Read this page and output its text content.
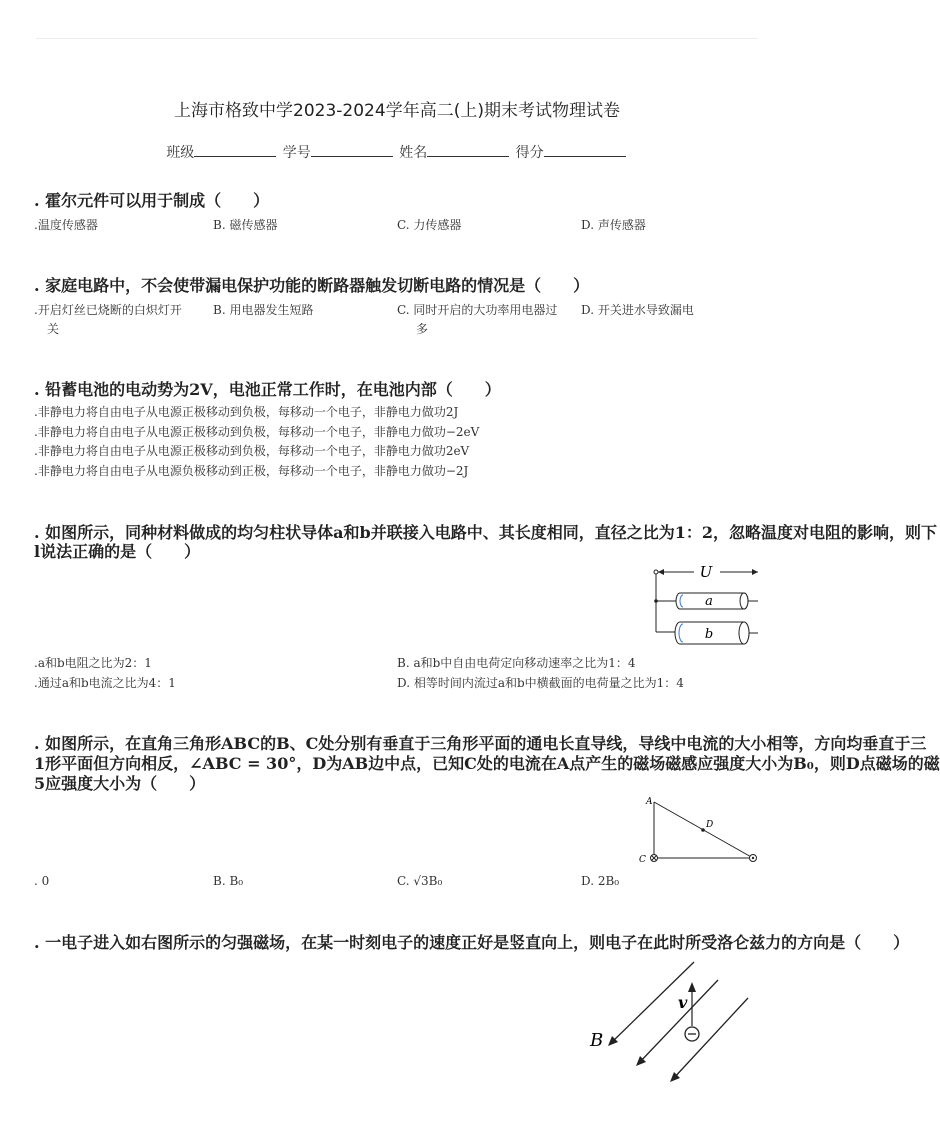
上海市格致中学2023-2024学年高二(上)期末考试物理试卷
班级	学号	姓名	得分
. 霍尔元件可以用于制成（　　）
.温度传感器	B. 磁传感器	C. 力传感器	D. 声传感器
. 家庭电路中，不会使带漏电保护功能的断路器触发切断电路的情况是（　　）
.开启灯丝已烧断的白炽灯开
关
B. 用电器发生短路	C. 同时开启的大功率用电器过
多
D. 开关进水导致漏电
. 铅蓄电池的电动势为2V，电池正常工作时，在电池内部（　　）
.非静电力将自由电子从电源正极移动到负极，每移动一个电子，非静电力做功2J
.非静电力将自由电子从电源正极移动到负极，每移动一个电子，非静电力做功−2eV
.非静电力将自由电子从电源正极移动到负极，每移动一个电子，非静电力做功2eV
.非静电力将自由电子从电源负极移动到正极，每移动一个电子，非静电力做功−2J
. 如图所示，同种材料做成的均匀柱状导体a和b并联接入电路中、其长度相同，直径之比为1：2，忽略温度对电阻的影响，则下
l说法正确的是（　　）
U
a
b
.a和b电阻之比为2：1	B. a和b中自由电荷定向移动速率之比为1：4
.通过a和b电流之比为4：1	D. 相等时间内流过a和b中横截面的电荷量之比为1：4
. 如图所示，在直角三角形ABC的B、C处分别有垂直于三角形平面的通电长直导线，导线中电流的大小相等，方向均垂直于三
1形平面但方向相反，∠ABC = 30°，D为AB边中点，已知C处的电流在A点产生的磁场磁感应强度大小为B₀，则D点磁场的磁
5应强度大小为（　　）
A
D
C
. 0	B. B₀	C. √3B₀	D. 2B₀
. 一电子进入如右图所示的匀强磁场，在某一时刻电子的速度正好是竖直向上，则电子在此时所受洛仑兹力的方向是（　　）
v
B
